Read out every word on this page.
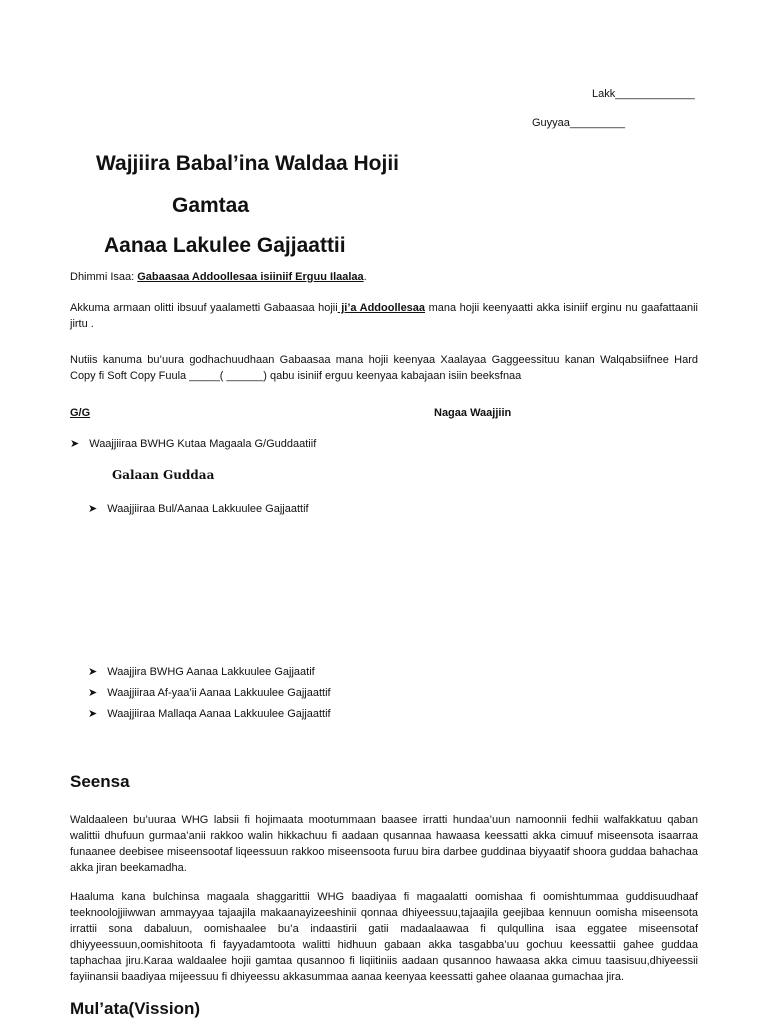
Lakk_____________
Guyyaa_________
Wajjiira Babal’ina Waldaa Hojii
Gamtaa
Aanaa Lakulee Gajjaattii
Dhimmi Isaa: Gabaasaa Addoollesaa isiiniif Erguu Ilaalaa.
Akkuma armaan olitti ibsuuf yaalametti Gabaasaa hojii ji’a Addoollesaa mana hojii keenyaatti akka isiniif erginu nu gaafattaanii jirtu .
Nutiis kanuma bu’uura godhachuudhaan Gabaasaa mana hojii keenyaa Xaalayaa Gaggeessituu kanan Walqabsiifnee Hard Copy fi Soft Copy Fuula _____( ______) qabu isiniif erguu keenyaa kabajaan isiin beeksfnaa
G/G	Nagaa Waajjiin
➤ Waajjiiraa BWHG Kutaa Magaala G/Guddaatiif
Galaan Guddaa
➤ Waajjiiraa Bul/Aanaa Lakkuulee Gajjaattif
➤ Waajjira BWHG Aanaa Lakkuulee Gajjaatif
➤ Waajjiiraa Af-yaa’ii Aanaa Lakkuulee Gajjaattif
➤ Waajjiiraa Mallaqa Aanaa Lakkuulee Gajjaattif
Seensa
Waldaaleen bu’uuraa WHG labsii fi hojimaata mootummaan baasee irratti hundaa’uun namoonnii fedhii walfakkatuu qaban walittii dhufuun gurmaa’anii rakkoo walin hikkachuu fi aadaan qusannaa hawaasa keessatti akka cimuuf miseensota isaarraa funaanee deebisee miseensootaf liqeessuun rakkoo miseensoota furuu bira darbee guddinaa biyyaatif shoora guddaa bahachaa akka jiran beekamadha.
Haaluma kana bulchinsa magaala shaggarittii WHG baadiyaa fi magaalatti oomishaa fi oomishtummaa guddisuudhaaf teeknoolojjiiwwan ammayyaa tajaajila makaanayizeeshinii qonnaa dhiyeessuu,tajaajila geejibaa kennuun oomisha miseensota irrattii sona dabaluun, oomishaalee bu’a indaastirii gatii madaalaawaa fi qulqullina isaa eggatee miseensotaf dhiyyeessuun,oomishitoota fi fayyadamtoota walitti hidhuun gabaan akka tasgabba’uu gochuu keessattii gahee guddaa taphachaa jiru.Karaa waldaalee hojii gamtaa qusannoo fi liqiitiniis aadaan qusannoo hawaasa akka cimuu taasisuu,dhiyeessii fayiinansii baadiyaa mijeessuu fi dhiyeessu akkasummaa aanaa keenyaa keessatti gahee olaanaa gumachaa jira.
Mul’ata(Vission)
